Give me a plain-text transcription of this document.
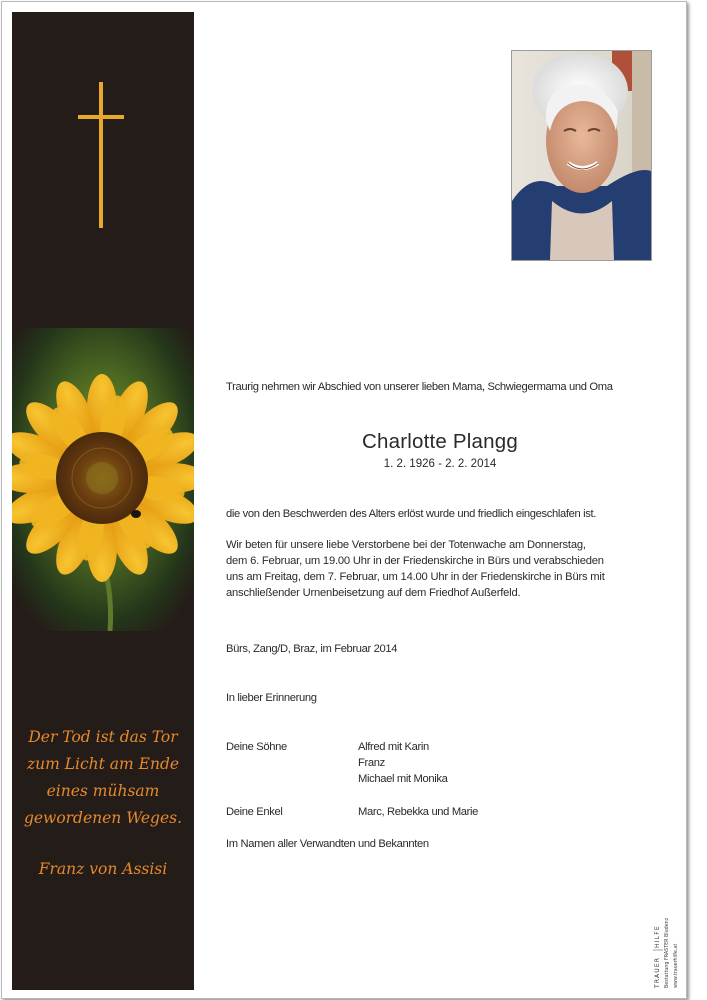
Der Tod ist das Tor
zum Licht am Ende
eines mühsam
gewordenen Weges.
Franz von Assisi
Traurig nehmen wir Abschied von unserer lieben Mama, Schwiegermama und Oma
Charlotte Plangg
1. 2. 1926 - 2. 2. 2014
die von den Beschwerden des Alters erlöst wurde und friedlich eingeschlafen ist.
Wir beten für unsere liebe Verstorbene bei der Totenwache am Donnerstag,
dem 6. Februar, um 19.00 Uhr in der Friedenskirche in Bürs und verabschieden
uns am Freitag, dem 7. Februar, um 14.00 Uhr in der Friedenskirche in Bürs mit
anschließender Urnenbeisetzung auf dem Friedhof Außerfeld.
Bürs, Zang/D, Braz, im Februar 2014
In lieber Erinnerung
Deine Söhne	Alfred mit Karin
Franz
Michael mit Monika
Deine Enkel	Marc, Rebekka und Marie
Im Namen aller Verwandten und Bekannten
TRAUER
HILFE Bestattung FRASTER Bludenz www.trauerhilfe.at
